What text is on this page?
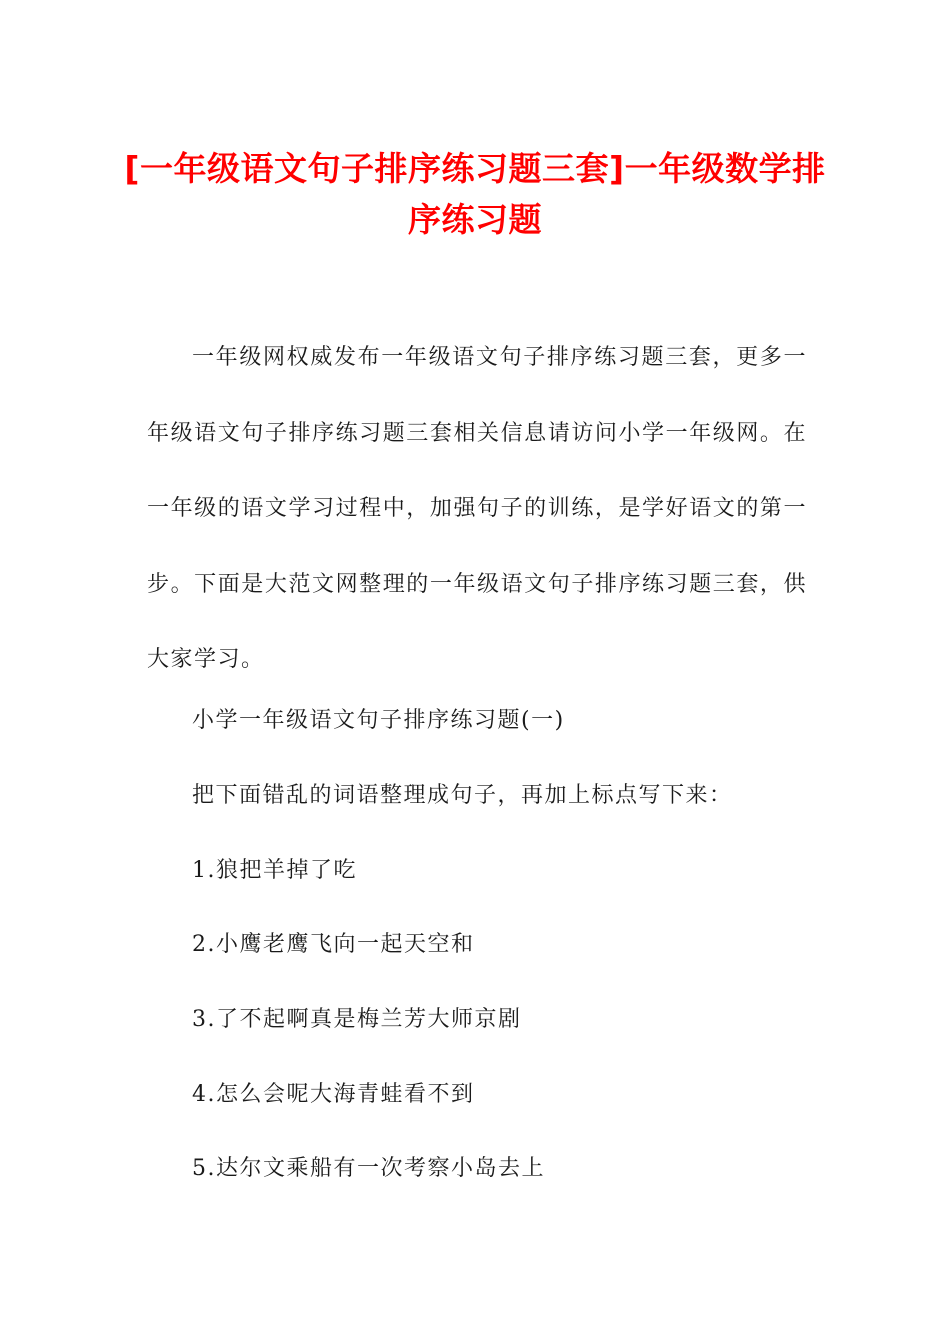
[一年级语文句子排序练习题三套]一年级数学排序练习题

一年级网权威发布一年级语文句子排序练习题三套，更多一年级语文句子排序练习题三套相关信息请访问小学一年级网。在一年级的语文学习过程中，加强句子的训练，是学好语文的第一步。下面是大范文网整理的一年级语文句子排序练习题三套，供大家学习。

小学一年级语文句子排序练习题(一)

把下面错乱的词语整理成句子，再加上标点写下来：

1.狼把羊掉了吃

2.小鹰老鹰飞向一起天空和

3.了不起啊真是梅兰芳大师京剧

4.怎么会呢大海青蛙看不到

5.达尔文乘船有一次考察小岛去上
